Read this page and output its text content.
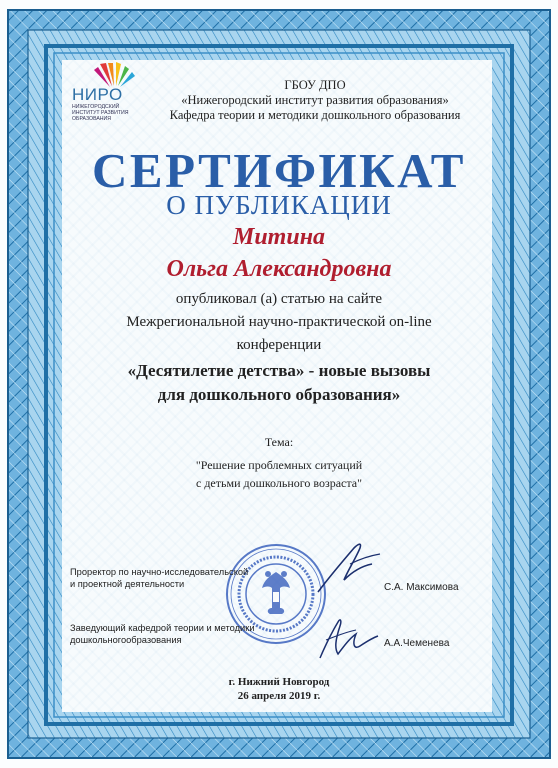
НИРО
НИЖЕГОРОДСКИЙ ИНСТИТУТ РАЗВИТИЯ ОБРАЗОВАНИЯ
ГБОУ ДПО
«Нижегородский институт развития образования»
Кафедра теории и методики дошкольного образования
СЕРТИФИКАТ
О ПУБЛИКАЦИИ
Митина
Ольга Александровна
опубликовал (а) статью на сайте
Межрегиональной научно-практической on-line
конференции
«Десятилетие детства» - новые вызовы
для дошкольного образования»
Тема:
"Решение проблемных ситуаций
с детьми дошкольного возраста"
Проректор по научно-исследовательской
и проектной деятельности	С.А. Максимова
Заведующий кафедрой теории и методики
дошкольногообразования	А.А.Чеменева
г. Нижний Новгород
26 апреля 2019 г.
